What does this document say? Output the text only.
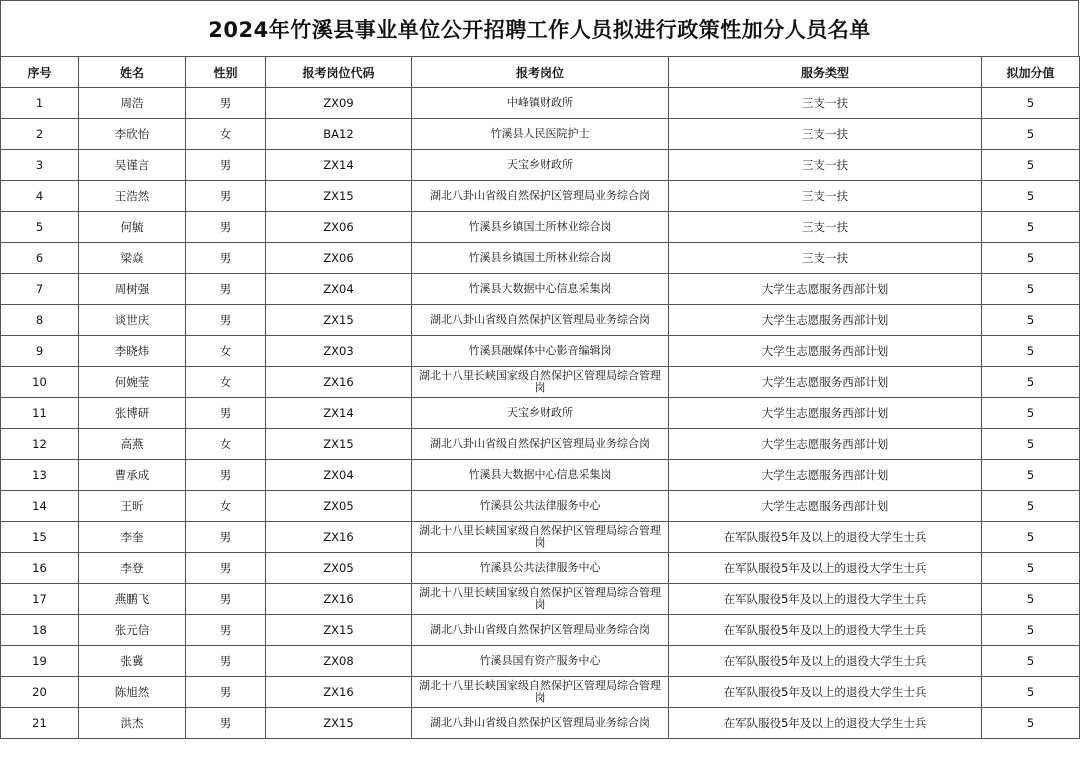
2024年竹溪县事业单位公开招聘工作人员拟进行政策性加分人员名单
序号	姓名	性别	报考岗位代码	报考岗位	服务类型	拟加分值
1	周浩	男	ZX09	中峰镇财政所	三支一扶	5
2	李欣怡	女	BA12	竹溪县人民医院护士	三支一扶	5
3	吴谨言	男	ZX14	天宝乡财政所	三支一扶	5
4	王浩然	男	ZX15	湖北八卦山省级自然保护区管理局业务综合岗	三支一扶	5
5	何毓	男	ZX06	竹溪县乡镇国土所林业综合岗	三支一扶	5
6	梁焱	男	ZX06	竹溪县乡镇国土所林业综合岗	三支一扶	5
7	周树强	男	ZX04	竹溪县大数据中心信息采集岗	大学生志愿服务西部计划	5
8	谈世庆	男	ZX15	湖北八卦山省级自然保护区管理局业务综合岗	大学生志愿服务西部计划	5
9	李晓炜	女	ZX03	竹溪县融媒体中心影音编辑岗	大学生志愿服务西部计划	5
10	何婉莹	女	ZX16	湖北十八里长峡国家级自然保护区管理局综合管理岗	大学生志愿服务西部计划	5
11	张博研	男	ZX14	天宝乡财政所	大学生志愿服务西部计划	5
12	高燕	女	ZX15	湖北八卦山省级自然保护区管理局业务综合岗	大学生志愿服务西部计划	5
13	曹承成	男	ZX04	竹溪县大数据中心信息采集岗	大学生志愿服务西部计划	5
14	王昕	女	ZX05	竹溪县公共法律服务中心	大学生志愿服务西部计划	5
15	李奎	男	ZX16	湖北十八里长峡国家级自然保护区管理局综合管理岗	在军队服役5年及以上的退役大学生士兵	5
16	李登	男	ZX05	竹溪县公共法律服务中心	在军队服役5年及以上的退役大学生士兵	5
17	燕鹏飞	男	ZX16	湖北十八里长峡国家级自然保护区管理局综合管理岗	在军队服役5年及以上的退役大学生士兵	5
18	张元信	男	ZX15	湖北八卦山省级自然保护区管理局业务综合岗	在军队服役5年及以上的退役大学生士兵	5
19	张冀	男	ZX08	竹溪县国有资产服务中心	在军队服役5年及以上的退役大学生士兵	5
20	陈旭然	男	ZX16	湖北十八里长峡国家级自然保护区管理局综合管理岗	在军队服役5年及以上的退役大学生士兵	5
21	洪杰	男	ZX15	湖北八卦山省级自然保护区管理局业务综合岗	在军队服役5年及以上的退役大学生士兵	5
